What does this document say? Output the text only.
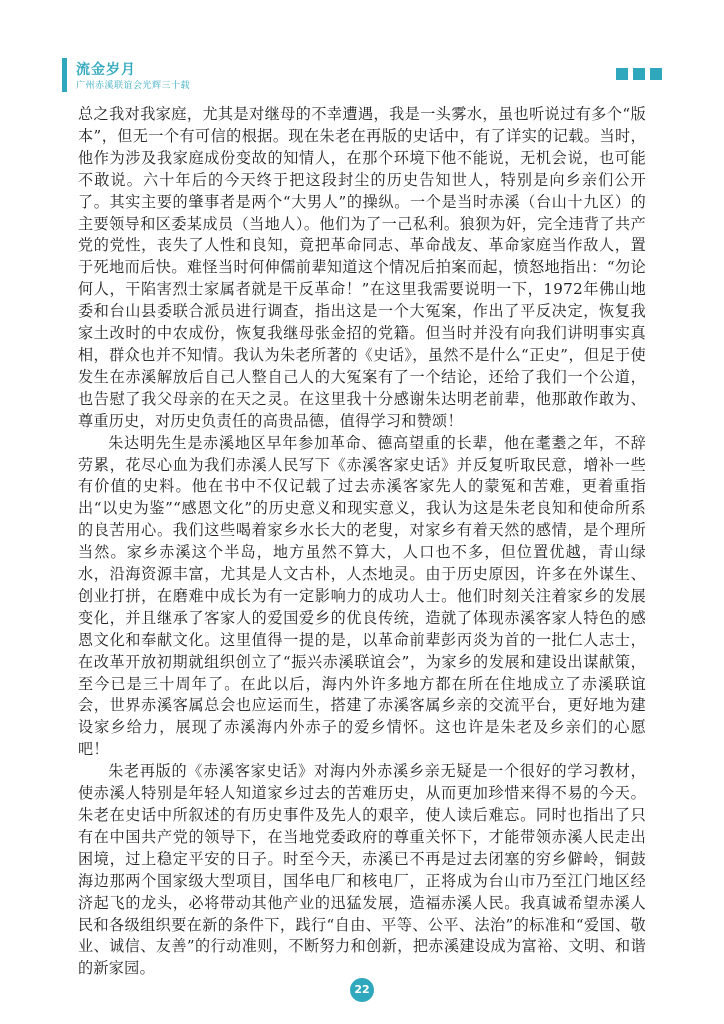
流金岁月
广州赤溪联谊会光辉三十载

总之我对我家庭，尤其是对继母的不幸遭遇，我是一头雾水，虽也听说过有多个“版本”，但无一个有可信的根据。现在朱老在再版的史话中，有了详实的记载。当时，他作为涉及我家庭成份变故的知情人，在那个环境下他不能说，无机会说，也可能不敢说。六十年后的今天终于把这段封尘的历史告知世人，特别是向乡亲们公开了。其实主要的肇事者是两个“大男人”的操纵。一个是当时赤溪（台山十九区）的主要领导和区委某成员（当地人）。他们为了一己私利。狼狈为奸，完全违背了共产党的党性，丧失了人性和良知，竟把革命同志、革命战友、革命家庭当作敌人，置于死地而后快。难怪当时何伸儒前辈知道这个情况后拍案而起，愤怒地指出：“勿论何人，干陷害烈士家属者就是干反革命！”在这里我需要说明一下，1972年佛山地委和台山县委联合派员进行调查，指出这是一个大冤案，作出了平反决定，恢复我家土改时的中农成份，恢复我继母张金招的党籍。但当时并没有向我们讲明事实真相，群众也并不知情。我认为朱老所著的《史话》，虽然不是什么“正史”，但足于使发生在赤溪解放后自己人整自己人的大冤案有了一个结论，还给了我们一个公道，也告慰了我父母亲的在天之灵。在这里我十分感谢朱达明老前辈，他那敢作敢为、尊重历史，对历史负责任的高贵品德，值得学习和赞颂！

朱达明先生是赤溪地区早年参加革命、德高望重的长辈，他在耄耋之年，不辞劳累，花尽心血为我们赤溪人民写下《赤溪客家史话》并反复听取民意，增补一些有价值的史料。他在书中不仅记载了过去赤溪客家先人的蒙冤和苦难，更着重指出“以史为鉴”“感恩文化”的历史意义和现实意义，我认为这是朱老良知和使命所系的良苦用心。我们这些喝着家乡水长大的老叟，对家乡有着天然的感情，是个理所当然。家乡赤溪这个半岛，地方虽然不算大，人口也不多，但位置优越，青山绿水，沿海资源丰富，尤其是人文古朴，人杰地灵。由于历史原因，许多在外谋生、创业打拼，在磨难中成长为有一定影响力的成功人士。他们时刻关注着家乡的发展变化，并且继承了客家人的爱国爱乡的优良传统，造就了体现赤溪客家人特色的感恩文化和奉献文化。这里值得一提的是，以革命前辈彭丙炎为首的一批仁人志士，在改革开放初期就组织创立了“振兴赤溪联谊会”，为家乡的发展和建设出谋献策，至今已是三十周年了。在此以后，海内外许多地方都在所在住地成立了赤溪联谊会，世界赤溪客属总会也应运而生，搭建了赤溪客属乡亲的交流平台，更好地为建设家乡给力，展现了赤溪海内外赤子的爱乡情怀。这也许是朱老及乡亲们的心愿吧！

朱老再版的《赤溪客家史话》对海内外赤溪乡亲无疑是一个很好的学习教材，使赤溪人特别是年轻人知道家乡过去的苦难历史，从而更加珍惜来得不易的今天。朱老在史话中所叙述的有历史事件及先人的艰辛，使人读后难忘。同时也指出了只有在中国共产党的领导下，在当地党委政府的尊重关怀下，才能带领赤溪人民走出困境，过上稳定平安的日子。时至今天，赤溪已不再是过去闭塞的穷乡僻岭，铜鼓海边那两个国家级大型项目，国华电厂和核电厂，正将成为台山市乃至江门地区经济起飞的龙头，必将带动其他产业的迅猛发展，造福赤溪人民。我真诚希望赤溪人民和各级组织要在新的条件下，践行“自由、平等、公平、法治”的标准和“爱国、敬业、诚信、友善”的行动准则，不断努力和创新，把赤溪建设成为富裕、文明、和谐的新家园。

22
